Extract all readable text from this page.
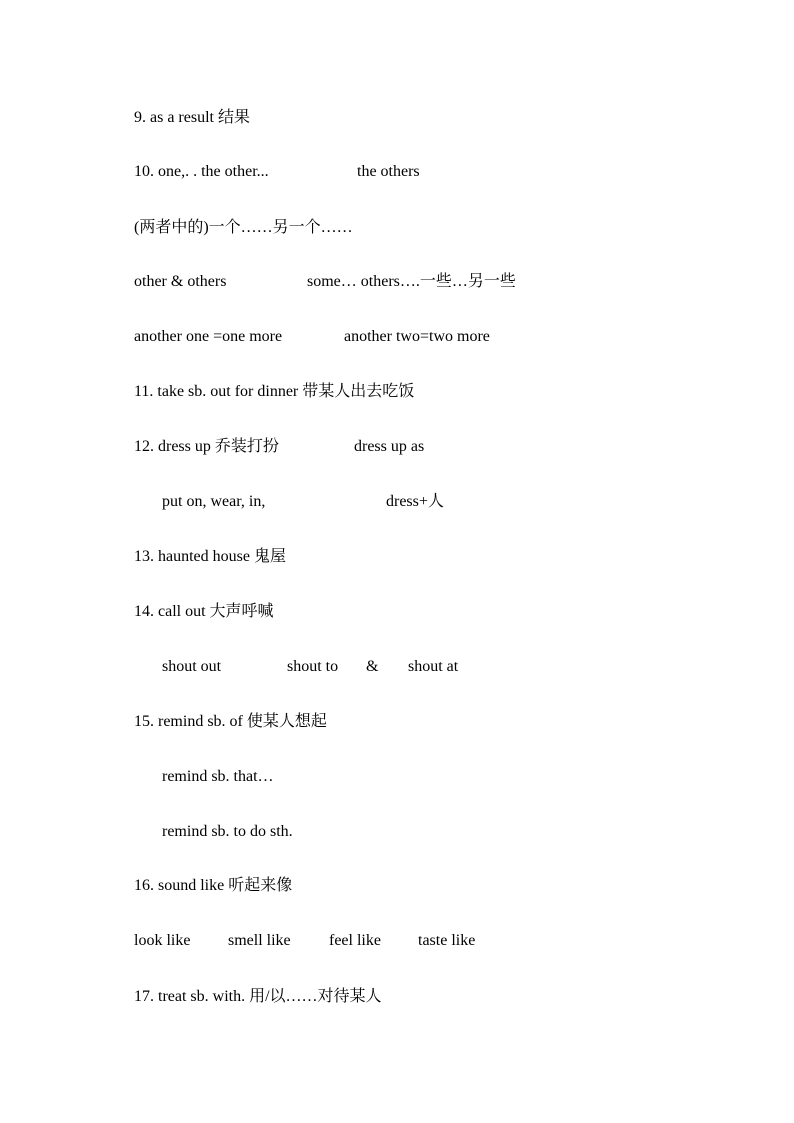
9. as a result 结果
10. one,. . the other...	the others
(两者中的)一个……另一个……
other & others	some… others….一些…另一些
another one =one more	another two=two more
11. take sb. out for dinner 带某人出去吃饭
12. dress up 乔装打扮	dress up as
put on, wear, in,	dress+人
13. haunted house 鬼屋
14. call out 大声呼喊
shout out	shout to & shout at
15. remind sb. of 使某人想起
remind sb. that…
remind sb. to do sth.
16. sound like 听起来像
look like smell like feel like taste like
17. treat sb. with. 用/以……对待某人
